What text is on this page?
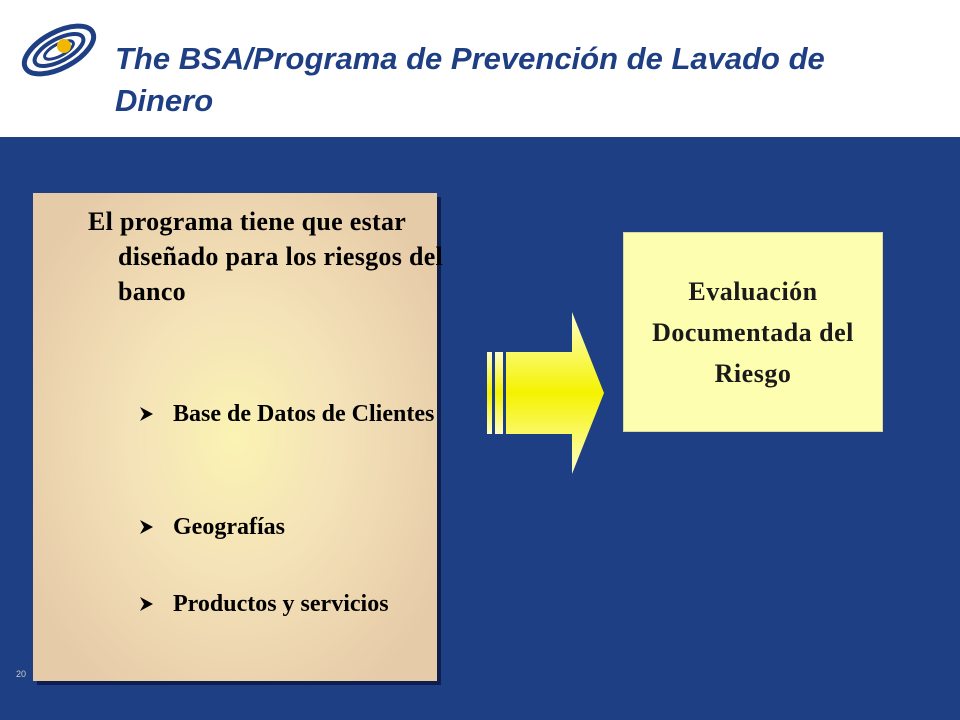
The BSA/Programa de Prevención de Lavado de Dinero

El programa tiene que estar diseñado para los riesgos del banco

Base de Datos de Clientes
Geografías
Productos y servicios
20
Evaluación Documentada del Riesgo
